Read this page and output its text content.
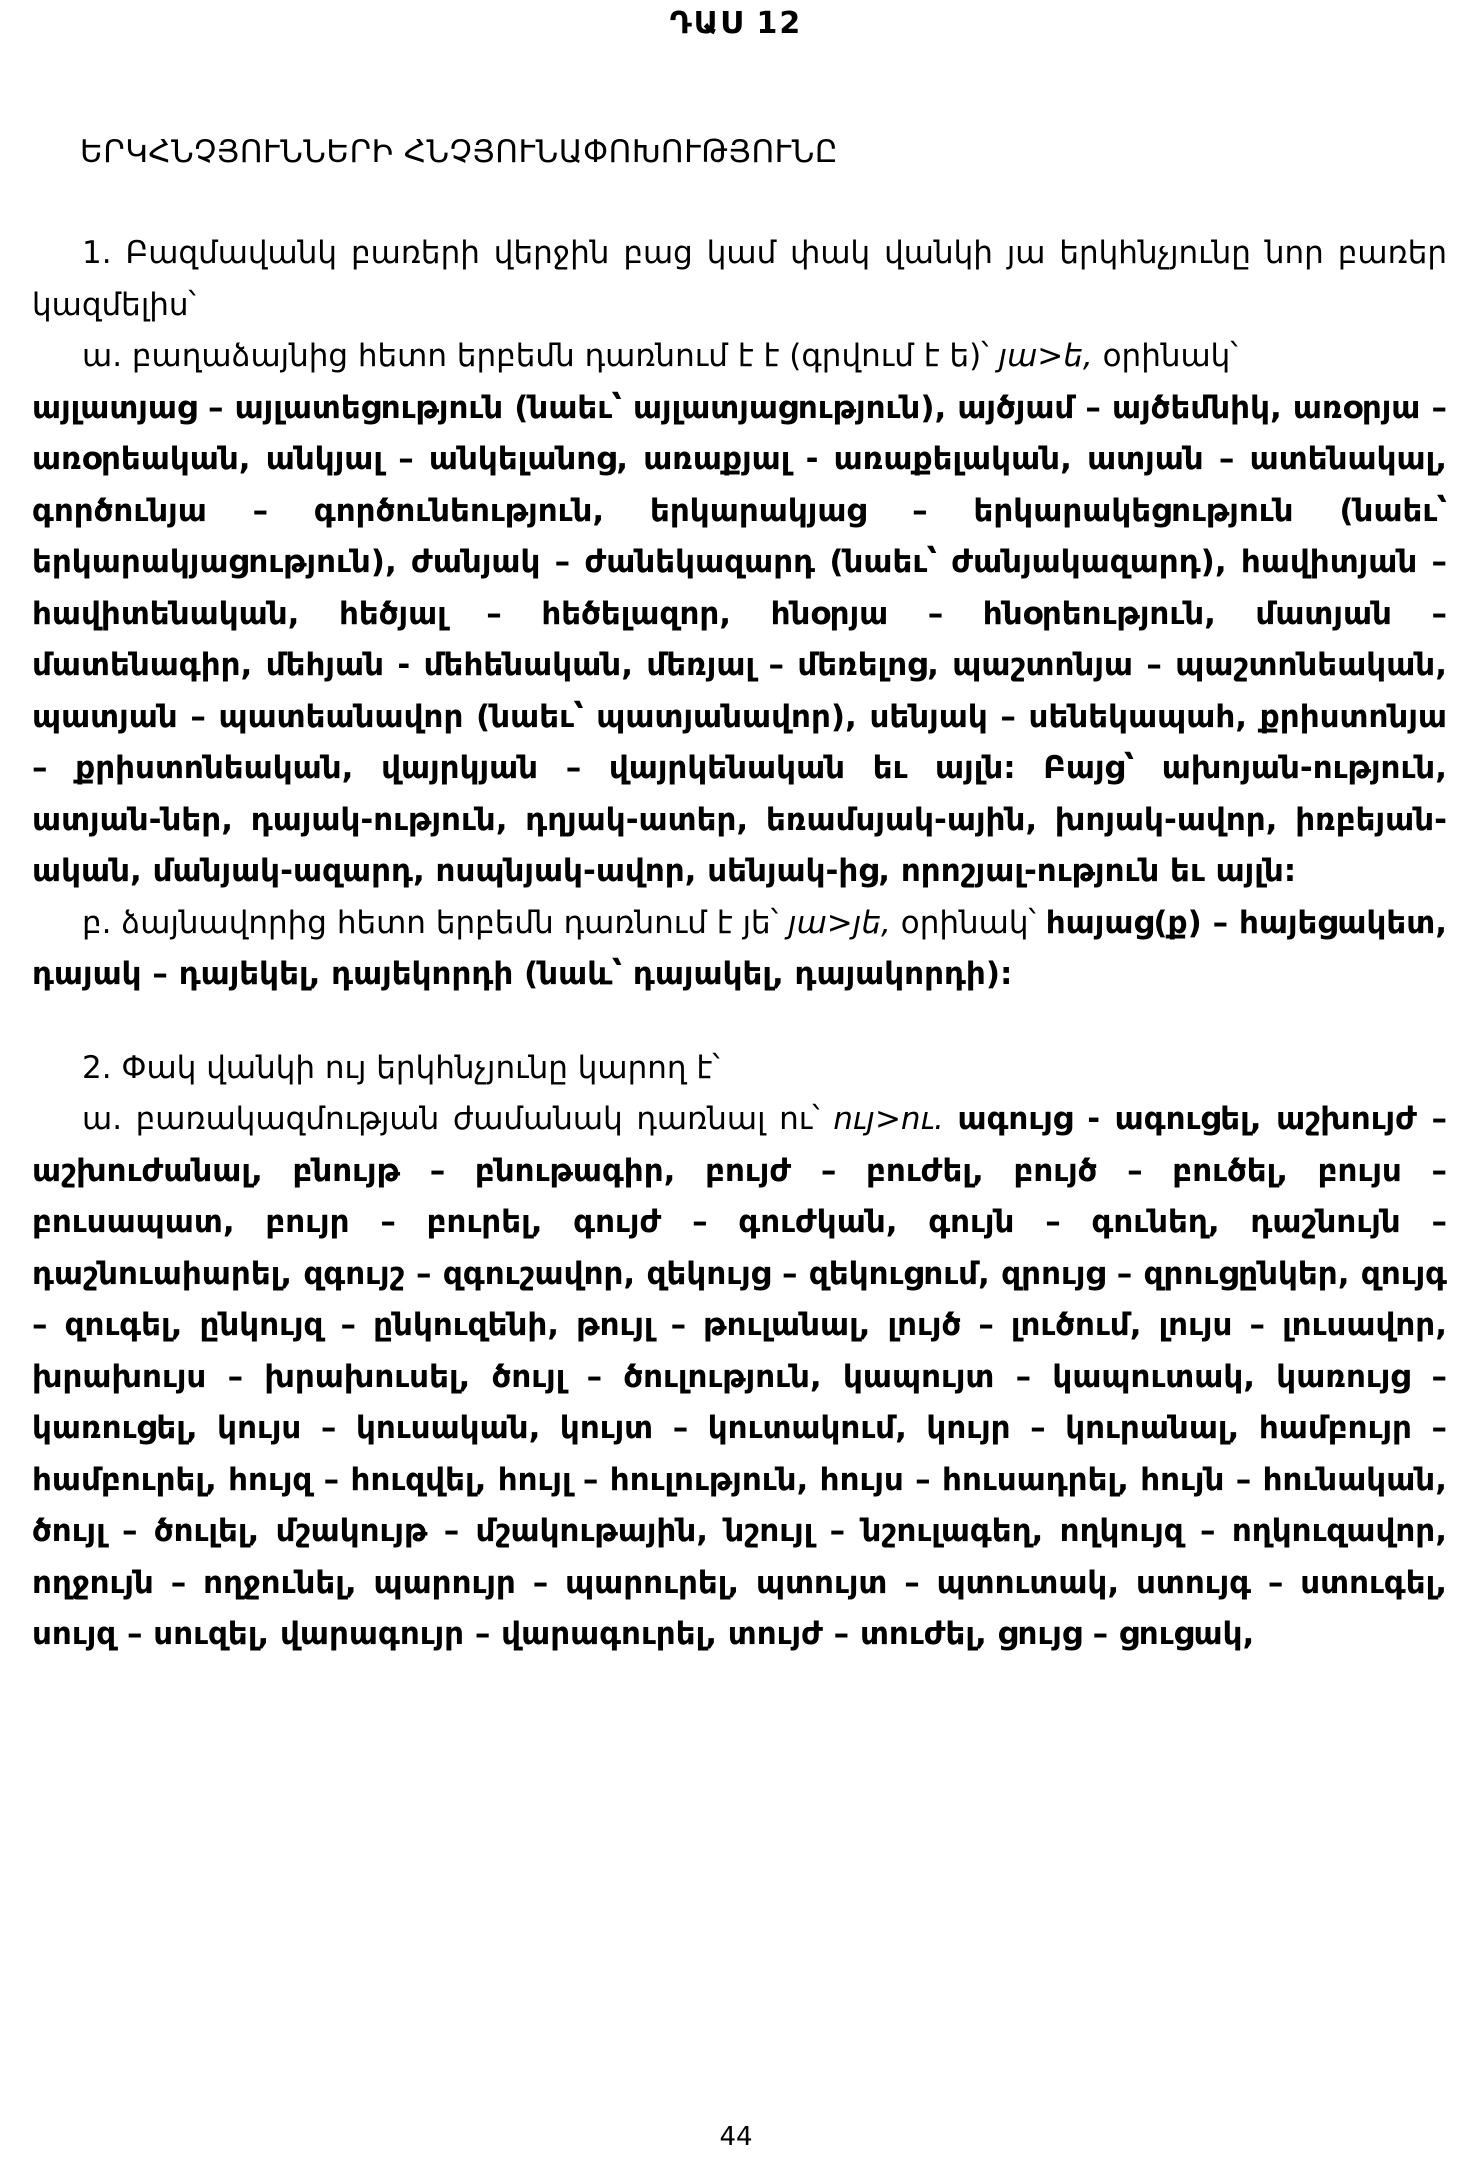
ԴԱՍ 12
ԵՐԿՀՆՉՅՈՒՆՆԵՐԻ ՀՆՉՅՈՒՆԱՓՈԽՈՒԹՅՈՒՆԸ

1. Բազմավանկ բառերի վերջին բաց կամ փակ վանկի յա երկհնչյունը նոր բառեր կազմելիս՝

ա. բաղաձայնից հետո երբեմն դառնում է է (գրվում է ե)՝ յա>ե, օրինակ՝

այլատյաց – այլատեցություն (նաեւ՝ այլատյացություն), այծյամ – այծեմնիկ, առօրյա – առօրեական, անկյալ – անկելանոց, առաքյալ - առաքելական, ատյան – ատենակալ, գործունյա – գործունեություն, երկարակյաց – երկարակեցություն (նաեւ՝ երկարակյացություն), ժանյակ – ժանեկազարդ (նաեւ՝ ժանյակազարդ), հավիտյան – հավիտենական, հեծյալ – հեծելազոր, հնօրյա – հնօրեություն, մատյան – մատենագիր, մեհյան - մեհենական, մեռյալ – մեռելոց, պաշտոնյա – պաշտոնեական, պատյան – պատեանավոր (նաեւ՝ պատյանավոր), սենյակ – սենեկապահ, քրիստոնյա – քրիստոնեական, վայրկյան – վայրկենական եւ այլն: Բայց՝ ախոյան-ություն, ատյան-ներ, դայակ-ություն, դղյակ-ատեր, եռամսյակ-ային, խոյակ-ավոր, իռբեյան-ական, մանյակ-ազարդ, ոսպնյակ-ավոր, սենյակ-ից, որոշյալ-ություն եւ այլն:

բ. ձայնավորից հետո երբեմն դառնում է յե՝ յա>յե, օրինակ՝ հայաց(ք) – հայեցակետ, դայակ – դայեկել, դայեկորդի (նաև՝ դայակել, դայակորդի):

2. Փակ վանկի ույ երկհնչյունը կարող է՝

ա. բառակազմության ժամանակ դառնալ ու՝ ույ>ու. ագույց - ագուցել, աշխույժ – աշխուժանալ, բնույթ – բնութագիր, բույժ – բուժել, բույծ – բուծել, բույս – բուսապատ, բույր – բուրել, գույժ – գուժկան, գույն – գունեղ, դաշնույն – դաշնուաիարել, զգույշ – զգուշավոր, զեկույց – զեկուցում, զրույց – զրուցընկեր, զույգ – զուգել, ընկույզ – ընկուզենի, թույլ – թուլանալ, լույծ – լուծում, լույս – լուսավոր, խրախույս – խրախուսել, ծույլ – ծուլություն, կապույտ – կապուտակ, կառույց – կառուցել, կույս – կուսական, կույտ – կուտակում, կույր – կուրանալ, համբույր – համբուրել, հույզ – հուզվել, հույլ – հուլություն, հույս – հուսադրել, հույն – հունական, ծույլ – ծուլել, մշակույթ – մշակութային, նշույլ – նշուլագեղ, ողկույզ – ողկուզավոր, ողջույն – ողջունել, պարույր – պարուրել, պտույտ – պտուտակ, ստույգ – ստուգել, սույզ – սուզել, վարագույր – վարագուրել, տույժ – տուժել, ցույց – ցուցակ,

44
